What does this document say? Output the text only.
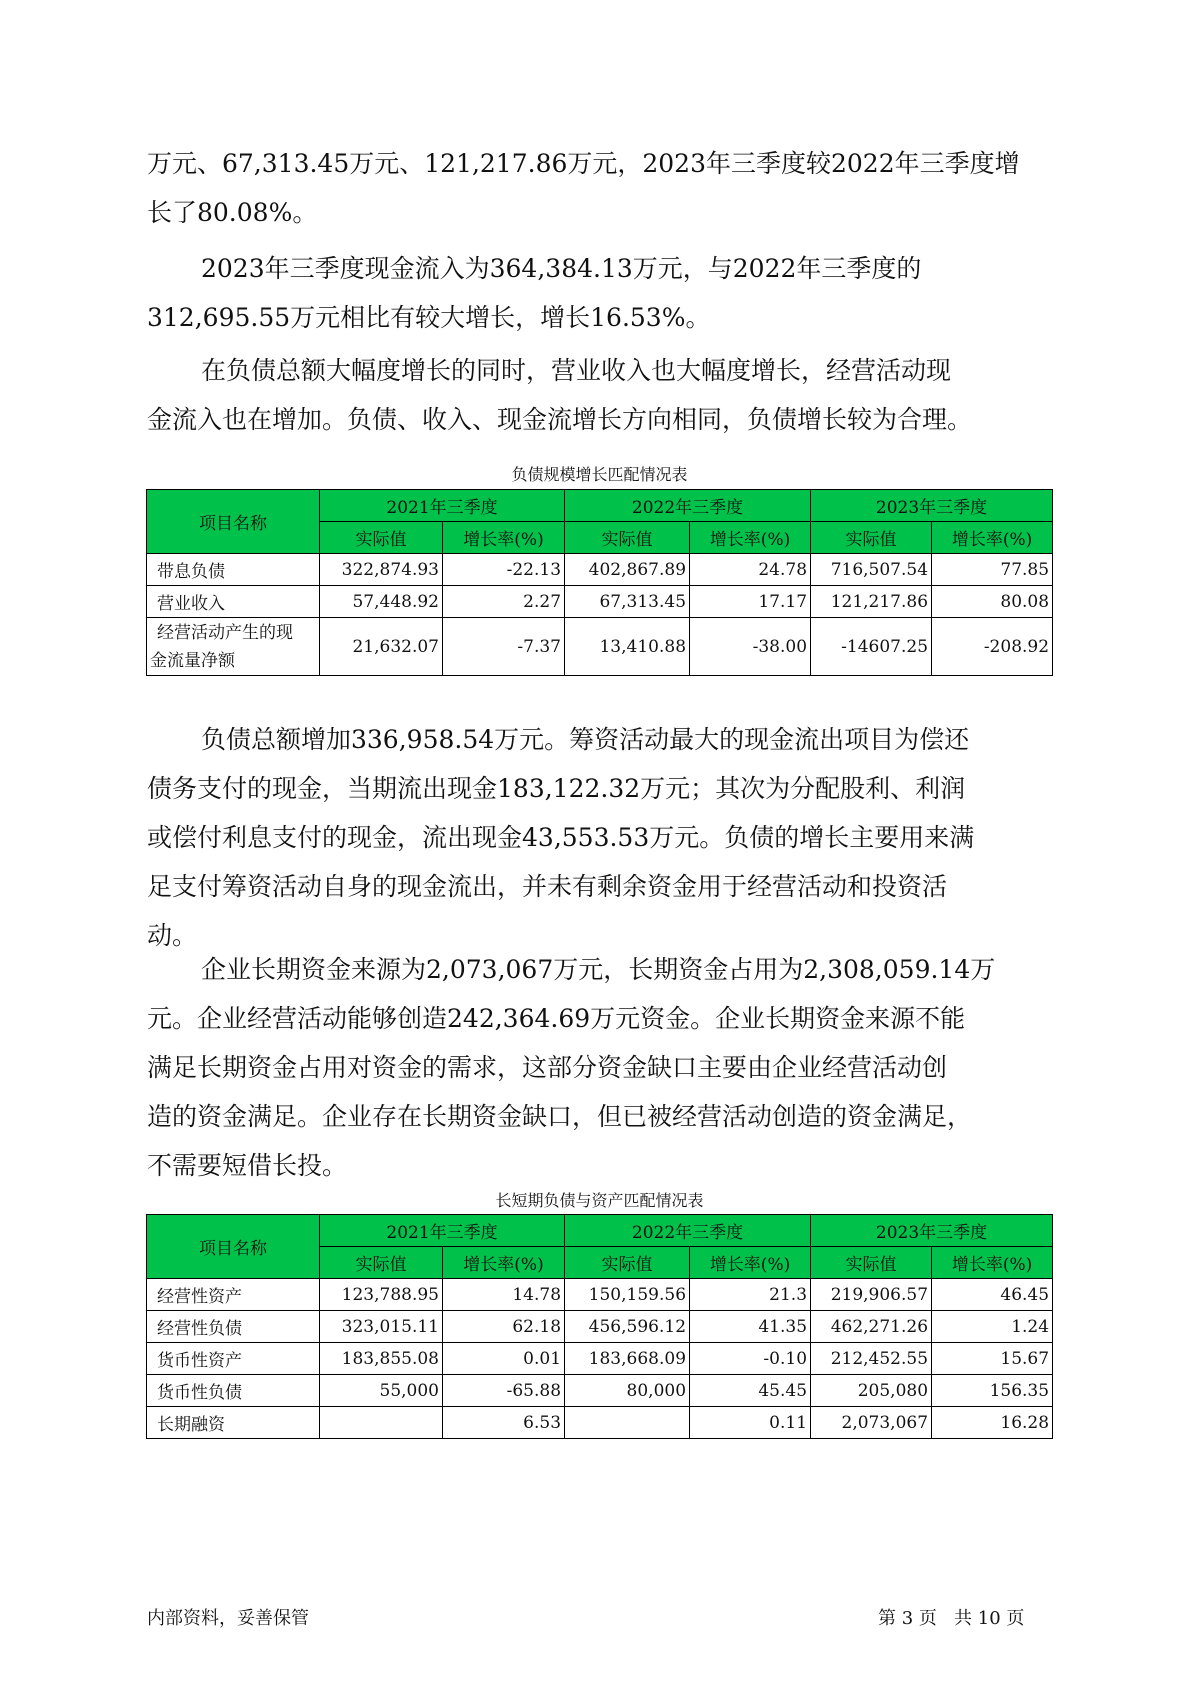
万元、67,313.45万元、121,217.86万元，2023年三季度较2022年三季度增
长了80.08%。

2023年三季度现金流入为364,384.13万元，与2022年三季度的
312,695.55万元相比有较大增长，增长16.53%。

在负债总额大幅度增长的同时，营业收入也大幅度增长，经营活动现
金流入也在增加。负债、收入、现金流增长方向相同，负债增长较为合理。

负债规模增长匹配情况表
项目名称	2021年三季度		2022年三季度		2023年三季度	
	实际值	增长率(%)	实际值	增长率(%)	实际值	增长率(%)
带息负债	322,874.93	-22.13	402,867.89	24.78	716,507.54	77.85
营业收入	57,448.92	2.27	67,313.45	17.17	121,217.86	80.08
经营活动产生的现
金流量净额	21,632.07	-7.37	13,410.88	-38.00	-14607.25	-208.92

负债总额增加336,958.54万元。筹资活动最大的现金流出项目为偿还
债务支付的现金，当期流出现金183,122.32万元；其次为分配股利、利润
或偿付利息支付的现金，流出现金43,553.53万元。负债的增长主要用来满
足支付筹资活动自身的现金流出，并未有剩余资金用于经营活动和投资活
动。

企业长期资金来源为2,073,067万元，长期资金占用为2,308,059.14万
元。企业经营活动能够创造242,364.69万元资金。企业长期资金来源不能
满足长期资金占用对资金的需求，这部分资金缺口主要由企业经营活动创
造的资金满足。企业存在长期资金缺口，但已被经营活动创造的资金满足，
不需要短借长投。

长短期负债与资产匹配情况表
项目名称	2021年三季度		2022年三季度		2023年三季度	
	实际值	增长率(%)	实际值	增长率(%)	实际值	增长率(%)
经营性资产	123,788.95	14.78	150,159.56	21.3	219,906.57	46.45
经营性负债	323,015.11	62.18	456,596.12	41.35	462,271.26	1.24
货币性资产	183,855.08	0.01	183,668.09	-0.10	212,452.55	15.67
货币性负债	55,000	-65.88	80,000	45.45	205,080	156.35
长期融资		6.53		0.11	2,073,067	16.28
内部资料，妥善保管	第 3 页   共 10 页
